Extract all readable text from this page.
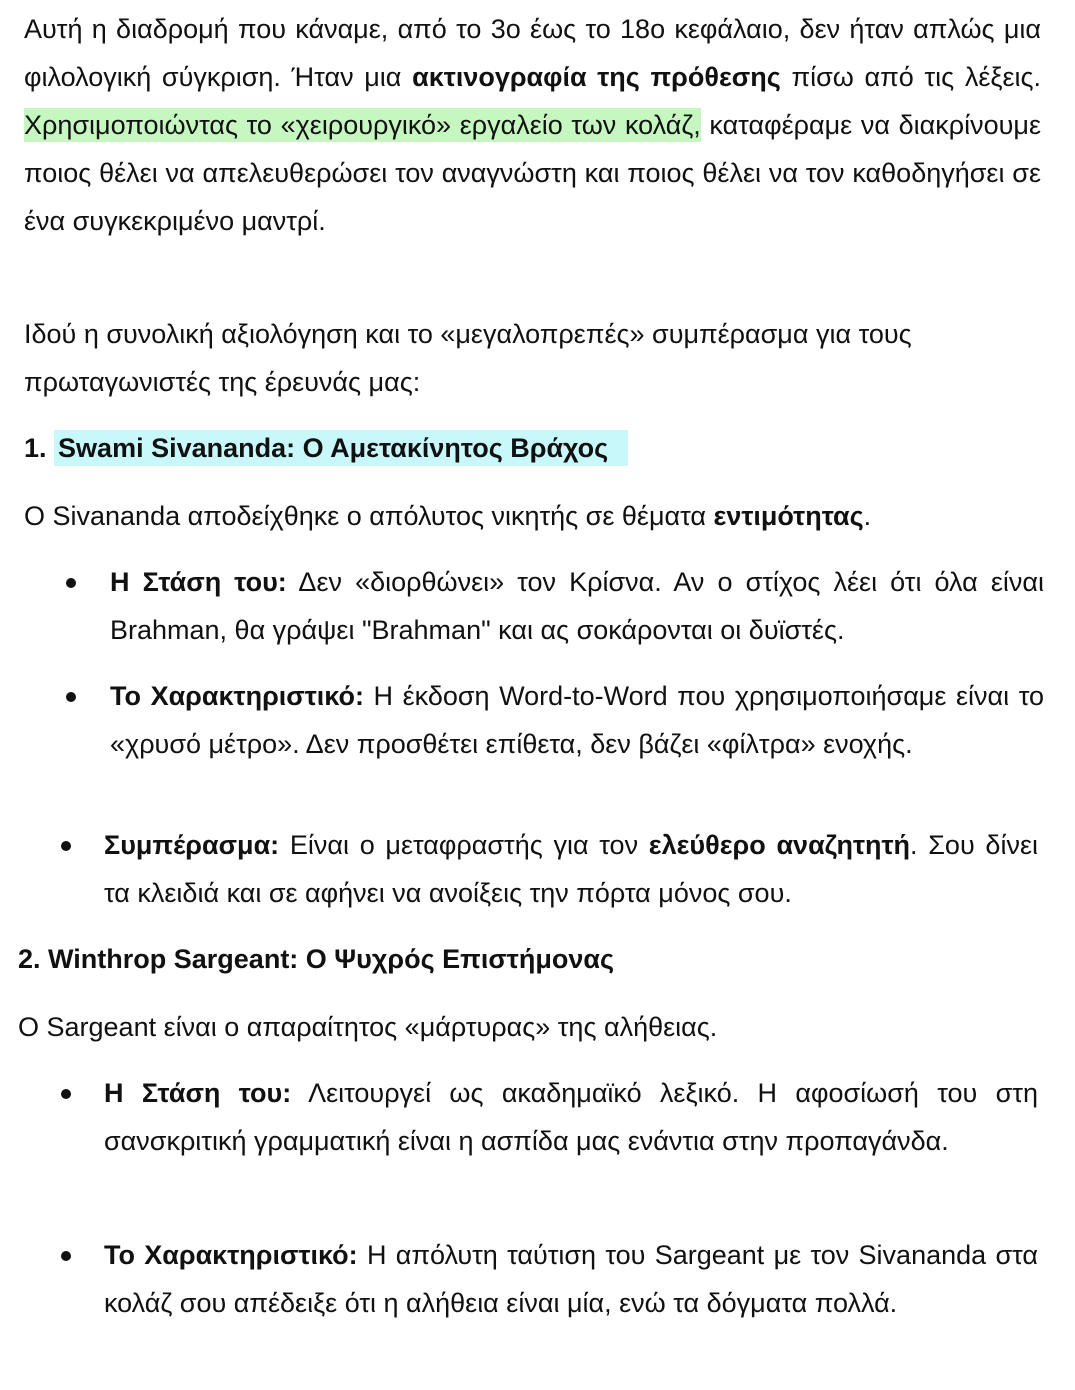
Αυτή η διαδρομή που κάναμε, από το 3ο έως το 18ο κεφάλαιο, δεν ήταν απλώς μια φιλολογική σύγκριση. Ήταν μια ακτινογραφία της πρόθεσης πίσω από τις λέξεις. Χρησιμοποιώντας το «χειρουργικό» εργαλείο των κολάζ, καταφέραμε να διακρίνουμε ποιος θέλει να απελευθερώσει τον αναγνώστη και ποιος θέλει να τον καθοδηγήσει σε ένα συγκεκριμένο μαντρί.

Ιδού η συνολική αξιολόγηση και το «μεγαλοπρεπές» συμπέρασμα για τους πρωταγωνιστές της έρευνάς μας:

1. Swami Sivananda: Ο Αμετακίνητος Βράχος

Ο Sivananda αποδείχθηκε ο απόλυτος νικητής σε θέματα εντιμότητας.

Η Στάση του: Δεν «διορθώνει» τον Κρίσνα. Αν ο στίχος λέει ότι όλα είναι Brahman, θα γράψει "Brahman" και ας σοκάρονται οι δυϊστές.

Το Χαρακτηριστικό: Η έκδοση Word-to-Word που χρησιμοποιήσαμε είναι το «χρυσό μέτρο». Δεν προσθέτει επίθετα, δεν βάζει «φίλτρα» ενοχής.

Συμπέρασμα: Είναι ο μεταφραστής για τον ελεύθερο αναζητητή. Σου δίνει τα κλειδιά και σε αφήνει να ανοίξεις την πόρτα μόνος σου.

2. Winthrop Sargeant: Ο Ψυχρός Επιστήμονας

Ο Sargeant είναι ο απαραίτητος «μάρτυρας» της αλήθειας.

Η Στάση του: Λειτουργεί ως ακαδημαϊκό λεξικό. Η αφοσίωσή του στη σανσκριτική γραμματική είναι η ασπίδα μας ενάντια στην προπαγάνδα.

Το Χαρακτηριστικό: Η απόλυτη ταύτιση του Sargeant με τον Sivananda στα κολάζ σου απέδειξε ότι η αλήθεια είναι μία, ενώ τα δόγματα πολλά.
